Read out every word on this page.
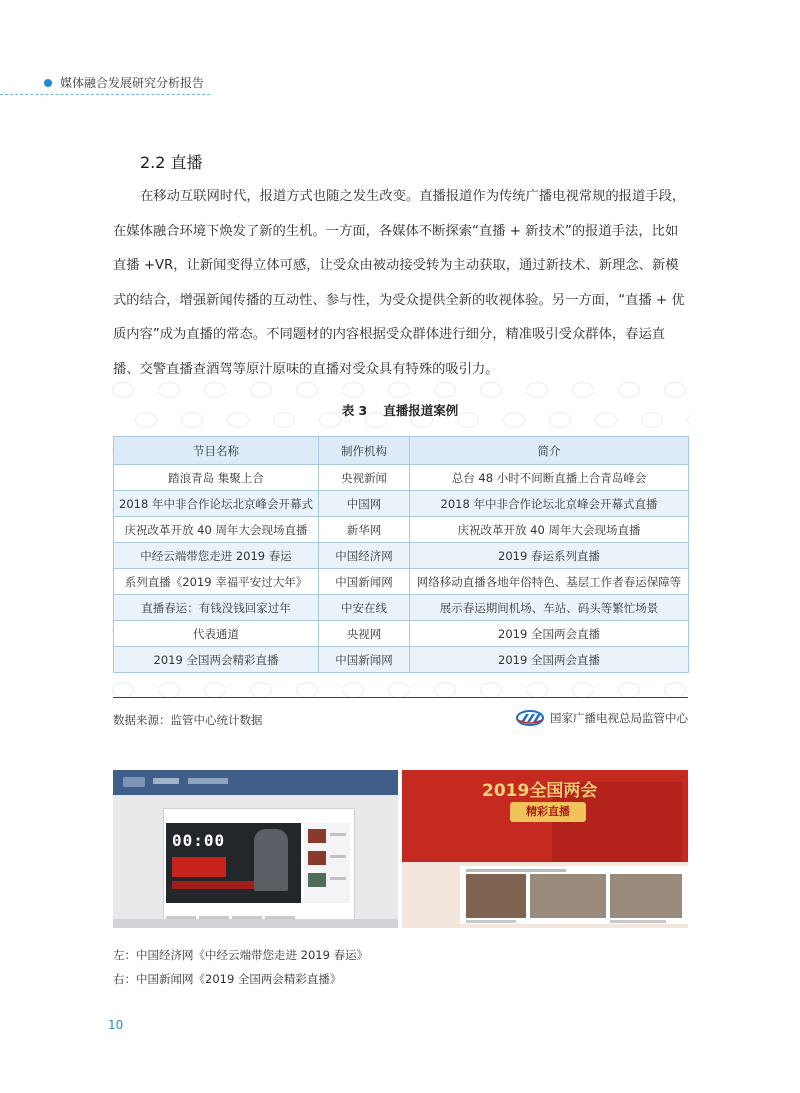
媒体融合发展研究分析报告
2.2 直播

在移动互联网时代，报道方式也随之发生改变。直播报道作为传统广播电视常规的报道手段，在媒体融合环境下焕发了新的生机。一方面，各媒体不断探索“直播 + 新技术”的报道手法，比如直播 +VR，让新闻变得立体可感，让受众由被动接受转为主动获取，通过新技术、新理念、新模式的结合，增强新闻传播的互动性、参与性，为受众提供全新的收视体验。另一方面，“直播 + 优质内容”成为直播的常态。不同题材的内容根据受众群体进行细分，精准吸引受众群体，春运直播、交警直播查酒驾等原汁原味的直播对受众具有特殊的吸引力。

表 3 直播报道案例
节目名称	制作机构	简介
踏浪青岛 集聚上合	央视新闻	总台 48 小时不间断直播上合青岛峰会
2018 年中非合作论坛北京峰会开幕式	中国网	2018 年中非合作论坛北京峰会开幕式直播
庆祝改革开放 40 周年大会现场直播	新华网	庆祝改革开放 40 周年大会现场直播
中经云端带您走进 2019 春运	中国经济网	2019 春运系列直播
系列直播《2019 幸福平安过大年》	中国新闻网	网络移动直播各地年俗特色、基层工作者春运保障等
直播春运：有钱没钱回家过年	中安在线	展示春运期间机场、车站、码头等繁忙场景
代表通道	央视网	2019 全国两会直播
2019 全国两会精彩直播	中国新闻网	2019 全国两会直播
数据来源：监管中心统计数据	国家广播电视总局监管中心
00:00
2019全国两会
精彩直播
左：中国经济网《中经云端带您走进 2019 春运》
右：中国新闻网《2019 全国两会精彩直播》
10
